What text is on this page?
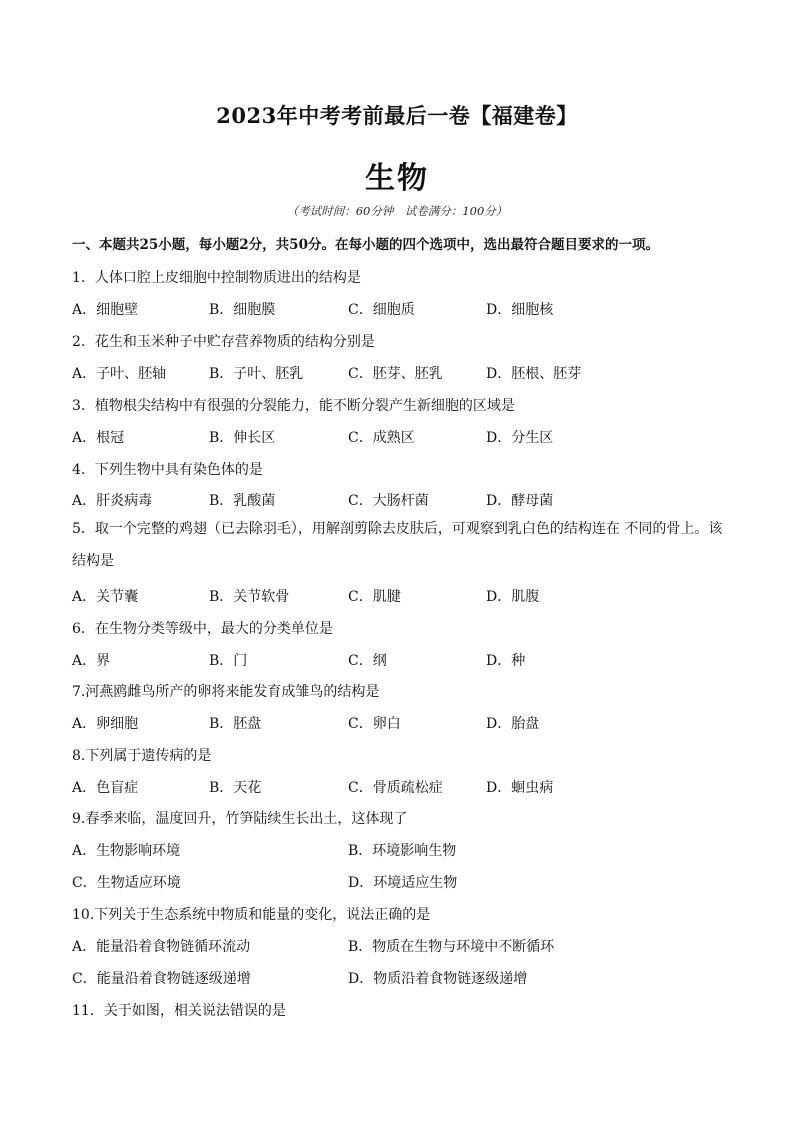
2023年中考考前最后一卷【福建卷】
生物
（考试时间：60分钟　试卷满分：100分）
一、本题共25小题，每小题2分，共50分。在每小题的四个选项中，选出最符合题目要求的一项。
1．人体口腔上皮细胞中控制物质进出的结构是
A．细胞壁	B．细胞膜	C．细胞质	D．细胞核
2．花生和玉米种子中贮存营养物质的结构分别是
A．子叶、胚轴	B．子叶、胚乳	C．胚芽、胚乳	D．胚根、胚芽
3．植物根尖结构中有很强的分裂能力，能不断分裂产生新细胞的区域是
A．根冠	B．伸长区	C．成熟区	D．分生区
4．下列生物中具有染色体的是
A．肝炎病毒	B．乳酸菌	C．大肠杆菌	D．酵母菌
5．取一个完整的鸡翅（已去除羽毛），用解剖剪除去皮肤后，可观察到乳白色的结构连在 不同的骨上。该结构是
A．关节囊	B．关节软骨	C．肌腱	D．肌腹
6．在生物分类等级中，最大的分类单位是
A．界	B．门	C．纲	D．种
7.河燕鸥雌鸟所产的卵将来能发育成雏鸟的结构是
A．卵细胞	B．胚盘	C．卵白	D．胎盘
8.下列属于遗传病的是
A．色盲症	B．天花	C．骨质疏松症	D．蛔虫病
9.春季来临，温度回升，竹笋陆续生长出土，这体现了
A．生物影响环境	B．环境影响生物
C．生物适应环境	D．环境适应生物
10.下列关于生态系统中物质和能量的变化，说法正确的是
A．能量沿着食物链循环流动	B．物质在生物与环境中不断循环
C．能量沿着食物链逐级递增	D．物质沿着食物链逐级递增
11．关于如图，相关说法错误的是
